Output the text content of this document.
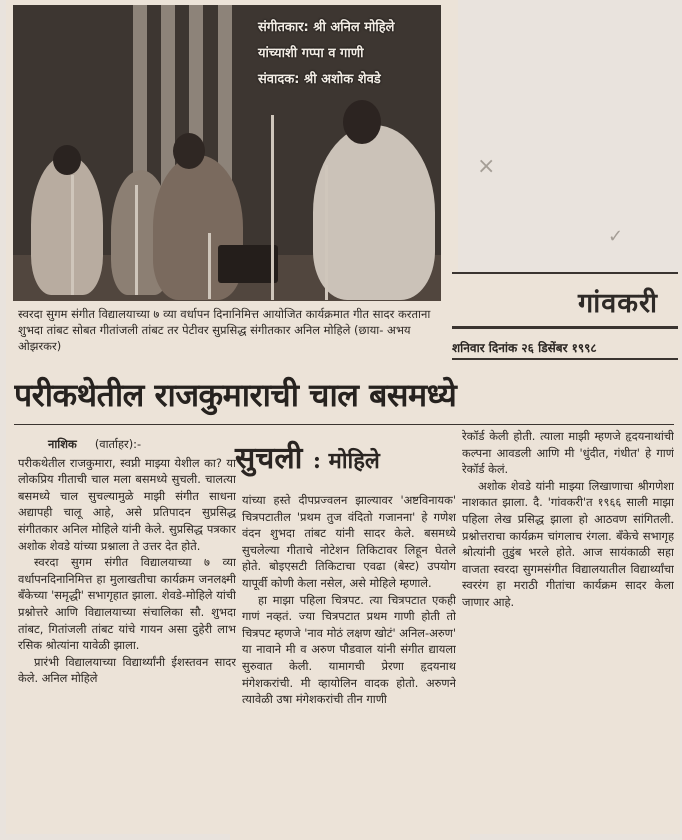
संगीतकार: श्री अनिल मोहिले
यांच्याशी गप्पा व गाणी
संवादक: श्री अशोक शेवडे

स्वरदा सुगम संगीत विद्यालयाच्या ७ व्या वर्धापन दिनानिमित्त आयोजित कार्यक्रमात गीत सादर करताना शुभदा तांबट सोबत गीतांजली तांबट तर पेटीवर सुप्रसिद्ध संगीतकार अनिल मोहिले (छाया- अभय ओझरकर)

गांवकरी
शनिवार दिनांक २६ डिसेंबर १९९८
परीकथेतील राजकुमाराची चाल बसमध्ये
सुचली : मोहिले
नाशिक (वार्ताहर):-

परीकथेतील राजकुमारा, स्वप्नी माझ्या येशील का? या लोकप्रिय गीताची चाल मला बसमध्ये सुचली. चालत्या बसमध्ये चाल सुचल्यामुळे माझी संगीत साधना अद्यापही चालू आहे, असे प्रतिपादन सुप्रसिद्ध संगीतकार अनिल मोहिले यांनी केले. सुप्रसिद्ध पत्रकार अशोक शेवडे यांच्या प्रश्नाला ते उत्तर देत होते.

स्वरदा सुगम संगीत विद्यालयाच्या ७ व्या वर्धापनदिनानिमित्त हा मुलाखतीचा कार्यक्रम जनलक्ष्मी बँकेच्या 'समृद्धी' सभागृहात झाला. शेवडे-मोहिले यांची प्रश्नोत्तरे आणि विद्यालयाच्या संचालिका सौ. शुभदा तांबट, गितांजली तांबट यांचे गायन असा दुहेरी लाभ रसिक श्रोत्यांना यावेळी झाला.

प्रारंभी विद्यालयाच्या विद्यार्थ्यांनी ईशस्तवन सादर केले. अनिल मोहिले

यांच्या हस्ते दीपप्रज्वलन झाल्यावर 'अष्टविनायक' चित्रपटातील 'प्रथम तुज वंदितो गजानना' हे गणेश वंदन शुभदा तांबट यांनी सादर केले. बसमध्ये सुचलेल्या गीताचे नोटेशन तिकिटावर लिहून घेतले होते. बोइएसटी तिकिटाचा एवढा (बेस्ट) उपयोग यापूर्वी कोणी केला नसेल, असे मोहिले म्हणाले.

हा माझा पहिला चित्रपट. त्या चित्रपटात एकही गाणं नव्हतं. ज्या चित्रपटात प्रथम गाणी होती तो चित्रपट म्हणजे 'नाव मोठं लक्षण खोटं' अनिल-अरुण' या नावाने मी व अरुण पौडवाल यांनी संगीत द्यायला सुरुवात केली. यामागची प्रेरणा हृदयनाथ मंगेशकरांची. मी व्हायोलिन वादक होतो. अरुणने त्यावेळी उषा मंगेशकरांची तीन गाणी

रेकॉर्ड केली होती. त्याला माझी म्हणजे हृदयनाथांची कल्पना आवडली आणि मी 'धुंदीत, गंधीत' हे गाणं रेकॉर्ड केलं.

अशोक शेवडे यांनी माझ्या लिखाणाचा श्रीगणेशा नाशकात झाला. दै. 'गांवकरी'त १९६६ साली माझा पहिला लेख प्रसिद्ध झाला हो आठवण सांगितली. प्रश्नोत्तराचा कार्यक्रम चांगलाच रंगला. बँकेचे सभागृह श्रोत्यांनी तुडुंब भरले होते. आज सायंकाळी सहा वाजता स्वरदा सुगमसंगीत विद्यालयातील विद्यार्थ्यांचा स्वररंग हा मराठी गीतांचा कार्यक्रम सादर केला जाणार आहे.

×
✓
